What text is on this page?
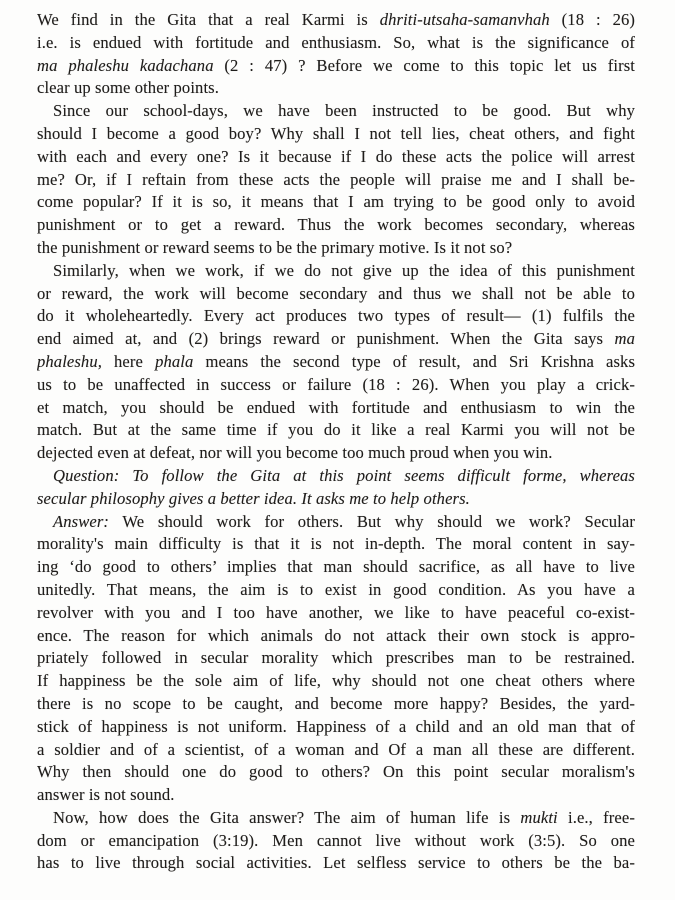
We find in the Gita that a real Karmi is dhriti-utsaha-samanvhah (18 : 26)
i.e. is endued with fortitude and enthusiasm. So, what is the significance of
ma phaleshu kadachana (2 : 47) ? Before we come to this topic let us first
clear up some other points.
Since our school-days, we have been instructed to be good. But why
should I become a good boy? Why shall I not tell lies, cheat others, and fight
with each and every one? Is it because if I do these acts the police will arrest
me? Or, if I reftain from these acts the people will praise me and I shall be-
come popular? If it is so, it means that I am trying to be good only to avoid
punishment or to get a reward. Thus the work becomes secondary, whereas
the punishment or reward seems to be the primary motive. Is it not so?
Similarly, when we work, if we do not give up the idea of this punishment
or reward, the work will become secondary and thus we shall not be able to
do it wholeheartedly. Every act produces two types of result— (1) fulfils the
end aimed at, and (2) brings reward or punishment. When the Gita says ma
phaleshu, here phala means the second type of result, and Sri Krishna asks
us to be unaffected in success or failure (18 : 26). When you play a crick-
et match, you should be endued with fortitude and enthusiasm to win the
match. But at the same time if you do it like a real Karmi you will not be
dejected even at defeat, nor will you become too much proud when you win.
Question: To follow the Gita at this point seems difficult forme, whereas
secular philosophy gives a better idea. It asks me to help others.
Answer: We should work for others. But why should we work? Secular
morality's main difficulty is that it is not in-depth. The moral content in say-
ing ‘do good to others’ implies that man should sacrifice, as all have to live
unitedly. That means, the aim is to exist in good condition. As you have a
revolver with you and I too have another, we like to have peaceful co-exist-
ence. The reason for which animals do not attack their own stock is appro-
priately followed in secular morality which prescribes man to be restrained.
If happiness be the sole aim of life, why should not one cheat others where
there is no scope to be caught, and become more happy? Besides, the yard-
stick of happiness is not uniform. Happiness of a child and an old man that of
a soldier and of a scientist, of a woman and Of a man all these are different.
Why then should one do good to others? On this point secular moralism's
answer is not sound.
Now, how does the Gita answer? The aim of human life is mukti i.e., free-
dom or emancipation (3:19). Men cannot live without work (3:5). So one
has to live through social activities. Let selfless service to others be the ba-
